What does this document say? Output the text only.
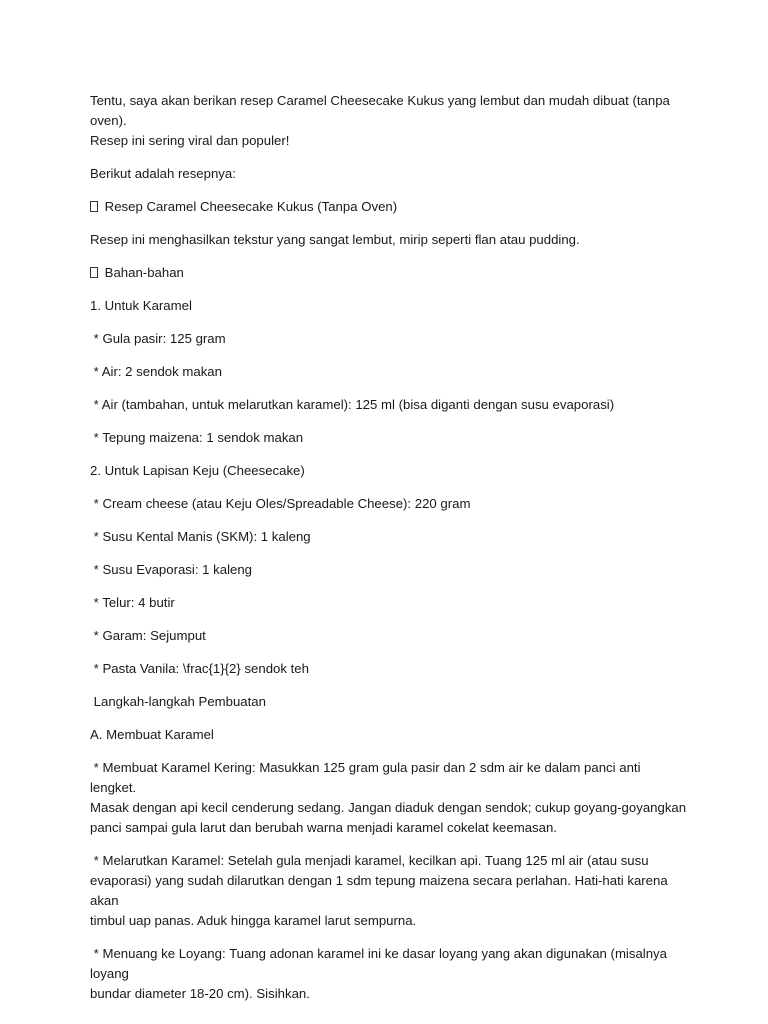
Tentu, saya akan berikan resep Caramel Cheesecake Kukus yang lembut dan mudah dibuat (tanpa oven).
Resep ini sering viral dan populer!

Berikut adalah resepnya:

Resep Caramel Cheesecake Kukus (Tanpa Oven)

Resep ini menghasilkan tekstur yang sangat lembut, mirip seperti flan atau pudding.

Bahan-bahan

1. Untuk Karamel

* Gula pasir: 125 gram

* Air: 2 sendok makan

* Air (tambahan, untuk melarutkan karamel): 125 ml (bisa diganti dengan susu evaporasi)

* Tepung maizena: 1 sendok makan

2. Untuk Lapisan Keju (Cheesecake)

* Cream cheese (atau Keju Oles/Spreadable Cheese): 220 gram

* Susu Kental Manis (SKM): 1 kaleng

* Susu Evaporasi: 1 kaleng

* Telur: 4 butir

* Garam: Sejumput

* Pasta Vanila: \frac{1}{2} sendok teh

Langkah-langkah Pembuatan

A. Membuat Karamel

* Membuat Karamel Kering: Masukkan 125 gram gula pasir dan 2 sdm air ke dalam panci anti lengket.
Masak dengan api kecil cenderung sedang. Jangan diaduk dengan sendok; cukup goyang-goyangkan
panci sampai gula larut dan berubah warna menjadi karamel cokelat keemasan.

* Melarutkan Karamel: Setelah gula menjadi karamel, kecilkan api. Tuang 125 ml air (atau susu
evaporasi) yang sudah dilarutkan dengan 1 sdm tepung maizena secara perlahan. Hati-hati karena akan
timbul uap panas. Aduk hingga karamel larut sempurna.

* Menuang ke Loyang: Tuang adonan karamel ini ke dasar loyang yang akan digunakan (misalnya loyang
bundar diameter 18-20 cm). Sisihkan.
